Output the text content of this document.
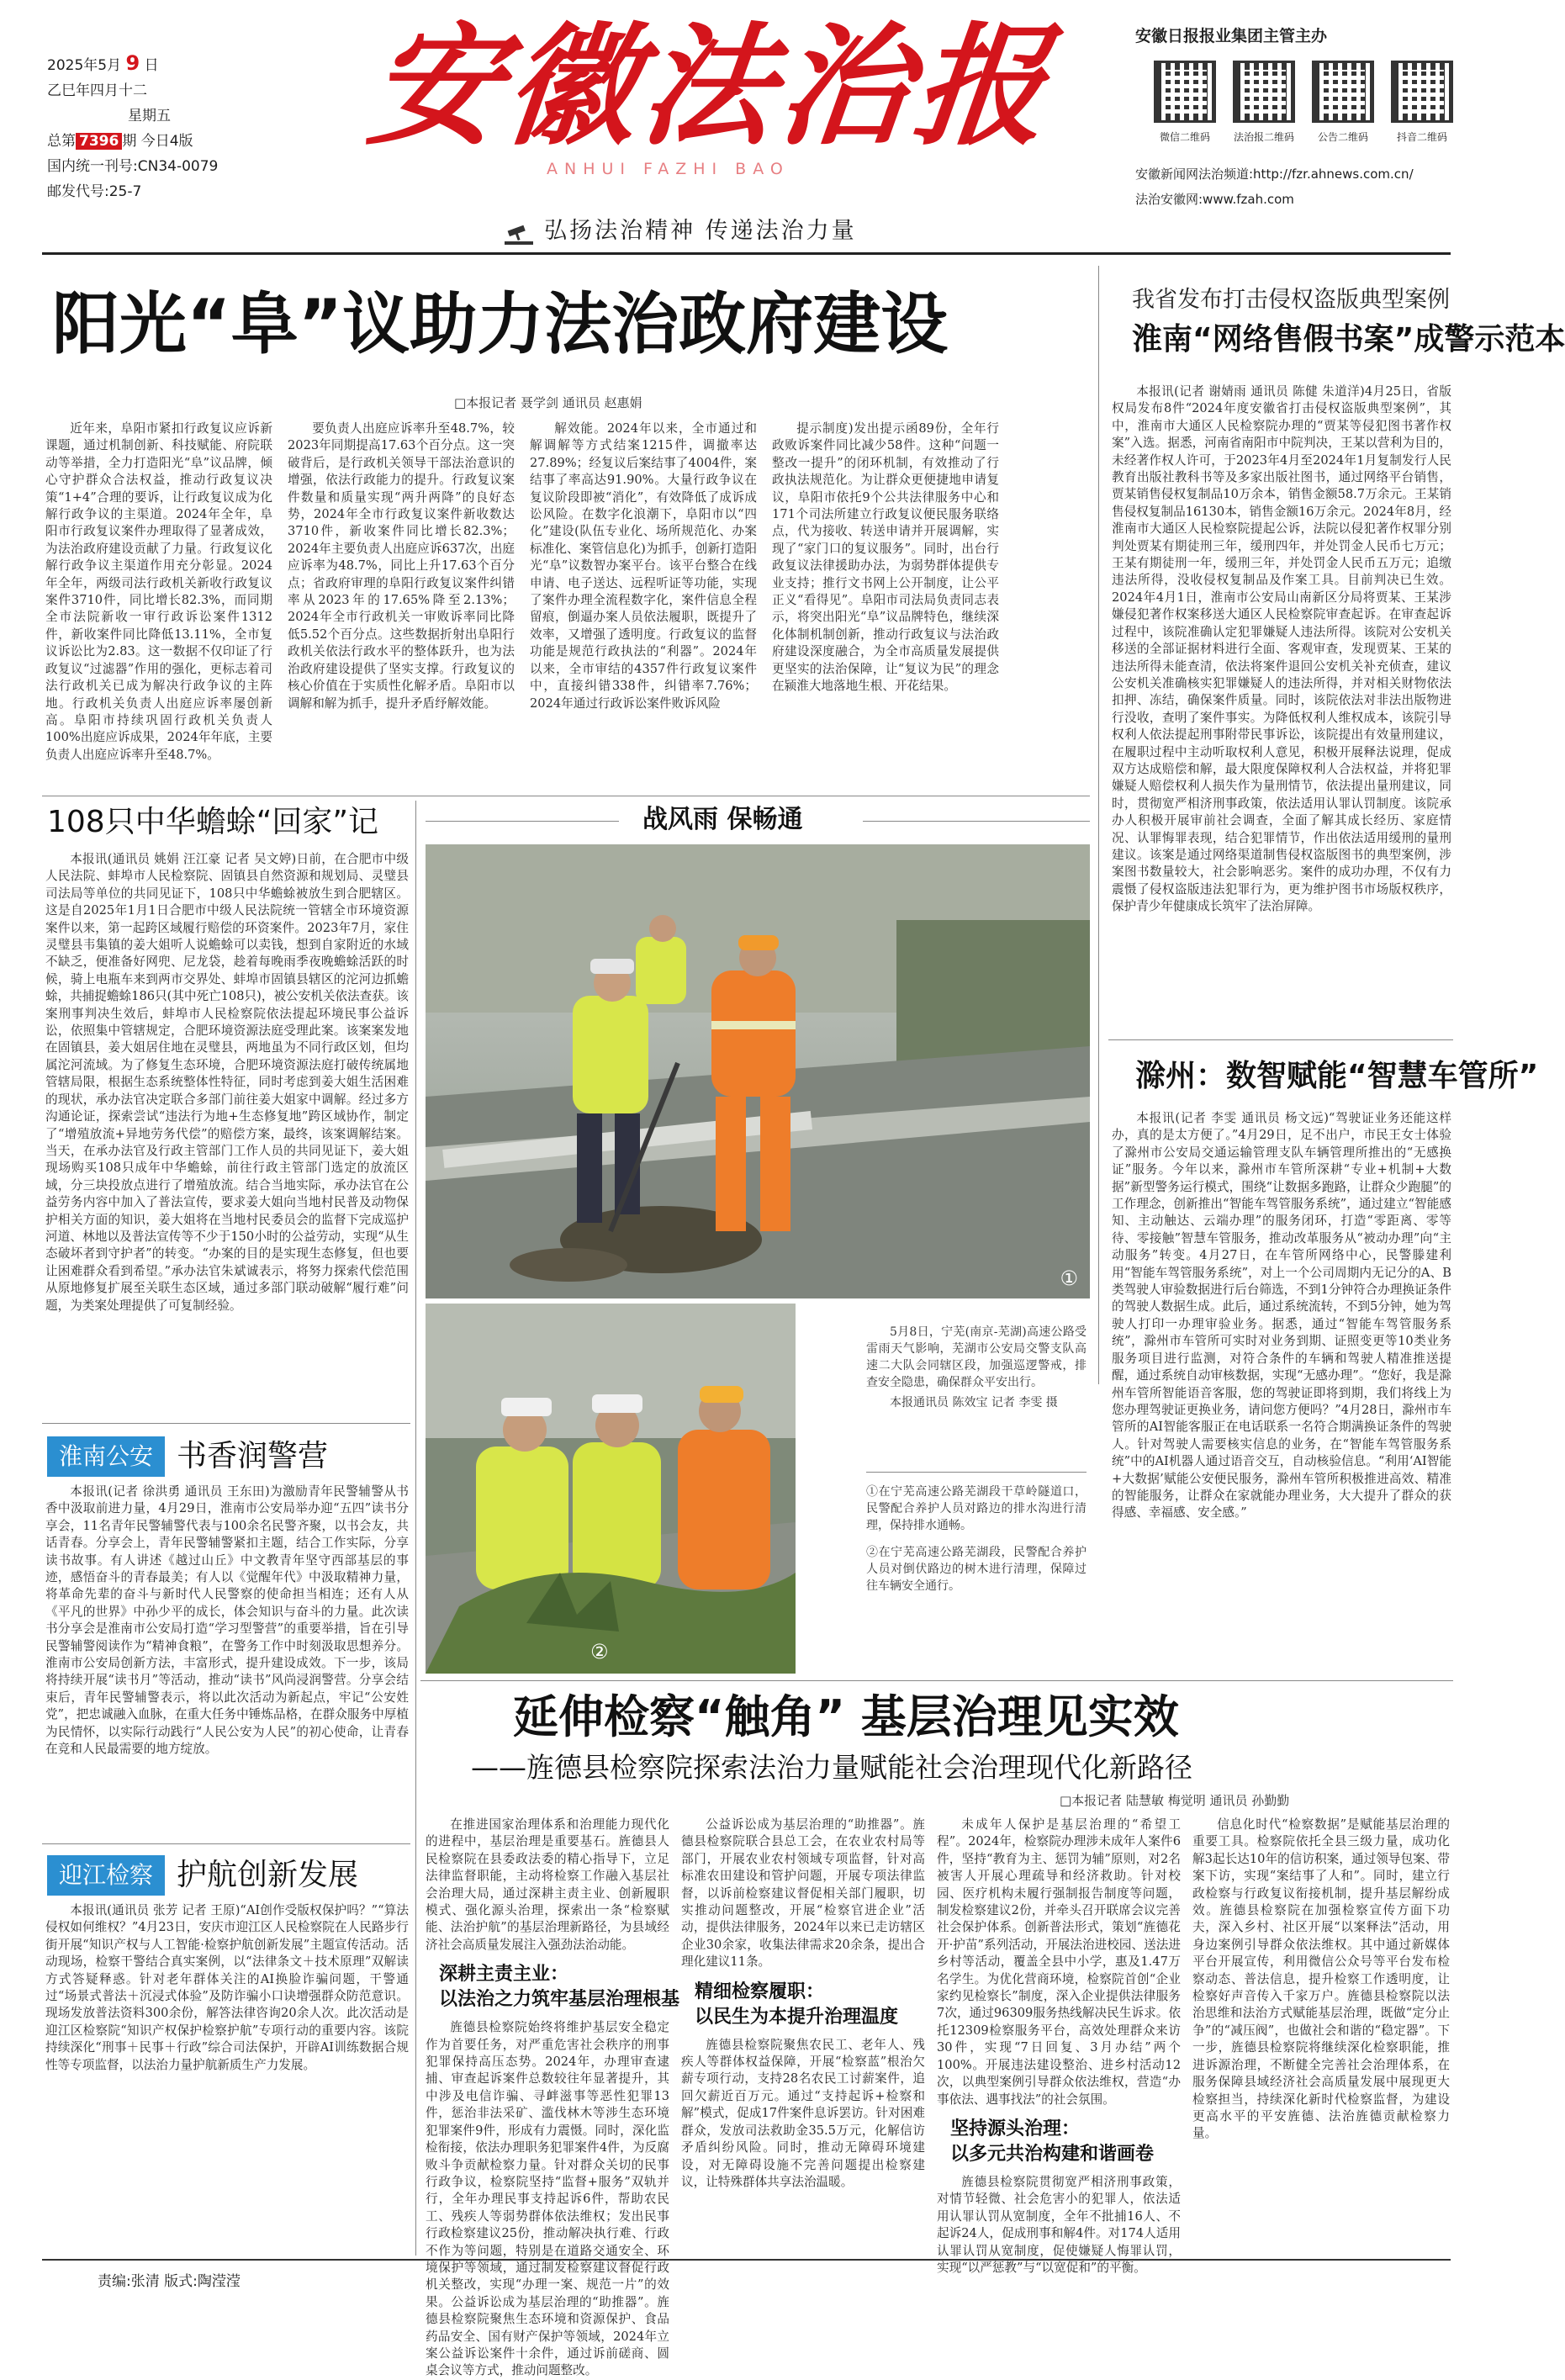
2025年5月 9 日
乙巳年四月十二
星期五
总第 7396 期 今日4版
国内统一刊号:CN34-0079
邮发代号:25-7
安徽法治报
ANHUI FAZHI BAO
弘扬法治精神 传递法治力量
安徽日报报业集团主管主办
微信二维码	法治报二维码	公告二维码	抖音二维码
安徽新闻网法治频道:http://fzr.ahnews.com.cn/
法治安徽网:www.fzah.com
阳光“阜”议助力法治政府建设
□本报记者 聂学剑 通讯员 赵惠娟

近年来，阜阳市紧扣行政复议应诉新课题，通过机制创新、科技赋能、府院联动等举措，全力打造阳光“阜”议品牌，倾心守护群众合法权益，推动行政复议决策“1+4”合理的要诉，让行政复议成为化解行政争议的主渠道。2024年全年，阜阳市行政复议案件办理取得了显著成效，为法治政府建设贡献了力量。行政复议化解行政争议主渠道作用充分彰显。2024年全年，两级司法行政机关新收行政复议案件3710件，同比增长82.3%，而同期全市法院新收一审行政诉讼案件1312件，新收案件同比降低13.11%，全市复议诉讼比为2.83。这一数据不仅印证了行政复议“过滤器”作用的强化，更标志着司法行政机关已成为解决行政争议的主阵地。行政机关负责人出庭应诉率屡创新高。阜阳市持续巩固行政机关负责人100%出庭应诉成果，2024年年底，主要负责人出庭应诉率升至48.7%。

要负责人出庭应诉率升至48.7%，较2023年同期提高17.63个百分点。这一突破背后，是行政机关领导干部法治意识的增强，依法行政能力的提升。行政复议案件数量和质量实现“两升两降”的良好态势，2024年全市行政复议案件新收数达3710件，新收案件同比增长82.3%；2024年主要负责人出庭应诉637次，出庭应诉率为48.7%，同比上升17.63个百分点；省政府审理的阜阳行政复议案件纠错率从2023年的17.65%降至2.13%；2024年全市行政机关一审败诉率同比降低5.52个百分点。这些数据折射出阜阳行政机关依法行政水平的整体跃升，也为法治政府建设提供了坚实支撑。行政复议的核心价值在于实质性化解矛盾。阜阳市以调解和解为抓手，提升矛盾纾解效能。

解效能。2024年以来，全市通过和解调解等方式结案1215件，调撤率达27.89%；经复议后案结事了4004件，案结事了率高达91.90%。大量行政争议在复议阶段即被“消化”，有效降低了成诉成讼风险。在数字化浪潮下，阜阳市以“四化”建设(队伍专业化、场所规范化、办案标准化、案管信息化)为抓手，创新打造阳光“阜”议数智办案平台。该平台整合在线申请、电子送达、远程听证等功能，实现了案件办理全流程数字化，案件信息全程留痕，倒逼办案人员依法履职，既提升了效率，又增强了透明度。行政复议的监督功能是规范行政执法的“利器”。2024年以来，全市审结的4357件行政复议案件中，直接纠错338件，纠错率7.76%；2024年通过行政诉讼案件败诉风险

提示制度)发出提示函89份，全年行政败诉案件同比减少58件。这种“问题一整改一提升”的闭环机制，有效推动了行政执法规范化。为让群众更便捷地申请复议，阜阳市依托9个公共法律服务中心和171个司法所建立行政复议便民服务联络点，代为接收、转送申请并开展调解，实现了“家门口的复议服务”。同时，出台行政复议法律援助办法，为弱势群体提供专业支持；推行文书网上公开制度，让公平正义“看得见”。阜阳市司法局负责同志表示，将突出阳光“阜”议品牌特色，继续深化体制机制创新，推动行政复议与法治政府建设深度融合，为全市高质量发展提供更坚实的法治保障，让“复议为民”的理念在颍淮大地落地生根、开花结果。

我省发布打击侵权盗版典型案例
淮南“网络售假书案”成警示范本

本报讯(记者 谢婧雨 通讯员 陈健 朱道洋)4月25日，省版权局发布8件“2024年度安徽省打击侵权盗版典型案例”，其中，淮南市大通区人民检察院办理的“贾某等侵犯图书著作权案”入选。据悉，河南省南阳市中院判决，王某以营利为目的，未经著作权人许可，于2023年4月至2024年1月复制发行人民教育出版社教科书等及多家出版社图书，通过网络平台销售，贾某销售侵权复制品10万余本，销售金额58.7万余元。王某销售侵权复制品16130本，销售金额16万余元。2024年8月，经淮南市大通区人民检察院提起公诉，法院以侵犯著作权罪分别判处贾某有期徒刑三年，缓刑四年，并处罚金人民币七万元；王某有期徒刑一年，缓刑三年，并处罚金人民币五万元；追缴违法所得，没收侵权复制品及作案工具。目前判决已生效。2024年4月1日，淮南市公安局山南新区分局将贾某、王某涉嫌侵犯著作权案移送大通区人民检察院审查起诉。在审查起诉过程中，该院准确认定犯罪嫌疑人违法所得。该院对公安机关移送的全部证据材料进行全面、客观审查，发现贾某、王某的违法所得未能查清，依法将案件退回公安机关补充侦查，建议公安机关准确核实犯罪嫌疑人的违法所得，并对相关财物依法扣押、冻结，确保案件质量。同时，该院依法对非法出版物进行没收，查明了案件事实。为降低权利人维权成本，该院引导权利人依法提起刑事附带民事诉讼，该院提出有效量刑建议，在履职过程中主动听取权利人意见，积极开展释法说理，促成双方达成赔偿和解，最大限度保障权利人合法权益，并将犯罪嫌疑人赔偿权利人损失作为量刑情节，依法提出量刑建议，同时，贯彻宽严相济刑事政策，依法适用认罪认罚制度。该院承办人积极开展审前社会调查，全面了解其成长经历、家庭情况、认罪悔罪表现，结合犯罪情节，作出依法适用缓刑的量刑建议。该案是通过网络渠道制售侵权盗版图书的典型案例，涉案图书数量较大，社会影响恶劣。案件的成功办理，不仅有力震慑了侵权盗版违法犯罪行为，更为维护图书市场版权秩序，保护青少年健康成长筑牢了法治屏障。

滁州：数智赋能“智慧车管所”

本报讯(记者 李雯 通讯员 杨文远)“驾驶证业务还能这样办，真的是太方便了。”4月29日，足不出户，市民王女士体验了滁州市公安局交通运输管理支队车辆管理所推出的“无感换证”服务。今年以来，滁州市车管所深耕“专业+机制+大数据”新型警务运行模式，围绕“让数据多跑路，让群众少跑腿”的工作理念，创新推出“智能车驾管服务系统”，通过建立“智能感知、主动触达、云端办理”的服务闭环，打造“零距离、零等待、零接触”智慧车管服务，推动改革服务从“被动办理”向“主动服务”转变。4月27日，在车管所网络中心，民警滕建利用“智能车驾管服务系统”，对上一个公司周期内无记分的A、B类驾驶人审验数据进行后台筛选，不到1分钟符合办理换证条件的驾驶人数据生成。此后，通过系统流转，不到5分钟，她为驾驶人打印一办理审验业务。据悉，通过“智能车驾管服务系统”，滁州市车管所可实时对业务到期、证照变更等10类业务服务项目进行监测，对符合条件的车辆和驾驶人精准推送提醒，通过系统自动审核数据，实现“无感办理”。“您好，我是滁州车管所智能语音客服，您的驾驶证即将到期，我们将线上为您办理驾驶证更换业务，请问您方便吗？”4月28日，滁州市车管所的AI智能客服正在电话联系一名符合期满换证条件的驾驶人。针对驾驶人需要核实信息的业务，在“智能车驾管服务系统”中的AI机器人通过语音交互，自动核验信息。“利用‘AI智能+大数据’赋能公安便民服务，滁州车管所积极推进高效、精准的智能服务，让群众在家就能办理业务，大大提升了群众的获得感、幸福感、安全感。”

108只中华蟾蜍“回家”记

本报讯(通讯员 姚娟 汪江豪 记者 吴文婷)日前，在合肥市中级人民法院、蚌埠市人民检察院、固镇县自然资源和规划局、灵璧县司法局等单位的共同见证下，108只中华蟾蜍被放生到合肥辖区。这是自2025年1月1日合肥市中级人民法院统一管辖全市环境资源案件以来，第一起跨区域履行赔偿的环资案件。2023年7月，家住灵璧县韦集镇的姜大姐听人说蟾蜍可以卖钱，想到自家附近的水域不缺乏，便准备好网兜、尼龙袋，趁着每晚雨季夜晚蟾蜍活跃的时候，骑上电瓶车来到两市交界处、蚌埠市固镇县辖区的沱河边抓蟾蜍，共捕捉蟾蜍186只(其中死亡108只)，被公安机关依法查获。该案刑事判决生效后，蚌埠市人民检察院依法提起环境民事公益诉讼，依照集中管辖规定，合肥环境资源法庭受理此案。该案案发地在固镇县，姜大姐居住地在灵璧县，两地虽为不同行政区划，但均属沱河流域。为了修复生态环境，合肥环境资源法庭打破传统属地管辖局限，根据生态系统整体性特征，同时考虑到姜大姐生活困难的现状，承办法官决定联合多部门前往姜大姐家中调解。经过多方沟通论证，探索尝试“违法行为地+生态修复地”跨区域协作，制定了“增殖放流+异地劳务代偿”的赔偿方案，最终，该案调解结案。当天，在承办法官及行政主管部门工作人员的共同见证下，姜大姐现场购买108只成年中华蟾蜍，前往行政主管部门选定的放流区域，分三块投放点进行了增殖放流。结合当地实际，承办法官在公益劳务内容中加入了普法宣传，要求姜大姐向当地村民普及动物保护相关方面的知识，姜大姐将在当地村民委员会的监督下完成巡护河道、林地以及普法宣传等不少于150小时的公益劳动，实现“从生态破坏者到守护者”的转变。“办案的目的是实现生态修复，但也要让困难群众看到希望。”承办法官朱斌诚表示，将努力探索代偿范围从原地修复扩展至关联生态区域，通过多部门联动破解“履行难”问题，为类案处理提供了可复制经验。

淮南公安 书香润警营

本报讯(记者 徐洪勇 通讯员 王东田)为激励青年民警辅警从书香中汲取前进力量，4月29日，淮南市公安局举办迎“五四”读书分享会，11名青年民警辅警代表与100余名民警齐聚，以书会友，共话青春。分享会上，青年民警辅警紧扣主题，结合工作实际，分享读书故事。有人讲述《越过山丘》中文教青年坚守西部基层的事迹，感悟奋斗的青春最美；有人以《觉醒年代》中汲取精神力量，将革命先辈的奋斗与新时代人民警察的使命担当相连；还有人从《平凡的世界》中孙少平的成长，体会知识与奋斗的力量。此次读书分享会是淮南市公安局打造“学习型警营”的重要举措，旨在引导民警辅警阅读作为“精神食粮”，在警务工作中时刻汲取思想养分。淮南市公安局创新方法，丰富形式，提升建设成效。下一步，该局将持续开展“读书月”等活动，推动“读书”风尚浸润警营。分享会结束后，青年民警辅警表示，将以此次活动为新起点，牢记“公安姓党”，把忠诚融入血脉，在重大任务中锤炼品格，在群众服务中厚植为民情怀，以实际行动践行“人民公安为人民”的初心使命，让青春在竞和人民最需要的地方绽放。

迎江检察 护航创新发展

本报讯(通讯员 张芳 记者 王原)“AI创作受版权保护吗？”“算法侵权如何维权？”4月23日，安庆市迎江区人民检察院在人民路步行街开展“知识产权与人工智能·检察护航创新发展”主题宣传活动。活动现场，检察干警结合真实案例，以“法律条文＋技术原理”双解读方式答疑释惑。针对老年群体关注的AI换脸诈骗问题，干警通过“场景式普法＋沉浸式体验”及防诈骗小口诀增强群众防范意识。现场发放普法资料300余份，解答法律咨询20余人次。此次活动是迎江区检察院“知识产权保护检察护航”专项行动的重要内容。该院持续深化“刑事＋民事＋行政”综合司法保护，开辟AI训练数据合规性等专项监督，以法治力量护航新质生产力发展。

责编:张清 版式:陶滢滢
战风雨 保畅通
①
②
5月8日，宁芜(南京-芜湖)高速公路受雷雨天气影响，芜湖市公安局交警支队高速二大队会同辖区段，加强巡逻警戒，排查安全隐患，确保群众平安出行。
本报通讯员 陈效宝 记者 李雯 摄
①在宁芜高速公路芜湖段干草岭隧道口，民警配合养护人员对路边的排水沟进行清理，保持排水通畅。
②在宁芜高速公路芜湖段，民警配合养护人员对倒伏路边的树木进行清理，保障过往车辆安全通行。
延伸检察“触角” 基层治理见实效
——旌德县检察院探索法治力量赋能社会治理现代化新路径
□本报记者 陆慧敏 梅觉明 通讯员 孙勤勤

在推进国家治理体系和治理能力现代化的进程中，基层治理是重要基石。旌德县人民检察院在县委政法委的精心指导下，立足法律监督职能，主动将检察工作融入基层社会治理大局，通过深耕主责主业、创新履职模式、强化源头治理，探索出一条“检察赋能、法治护航”的基层治理新路径，为县域经济社会高质量发展注入强劲法治动能。

深耕主责主业：
以法治之力筑牢基层治理根基

旌德县检察院始终将维护基层安全稳定作为首要任务，对严重危害社会秩序的刑事犯罪保持高压态势。2024年，办理审查逮捕、审查起诉案件总数较往年显著提升，其中涉及电信诈骗、寻衅滋事等恶性犯罪13件，惩治非法采矿、滥伐林木等涉生态环境犯罪案件9件，形成有力震慑。同时，深化监检衔接，依法办理职务犯罪案件4件，为反腐败斗争贡献检察力量。针对群众关切的民事行政争议，检察院坚持“监督+服务”双轨并行，全年办理民事支持起诉6件，帮助农民工、残疾人等弱势群体依法维权；发出民事行政检察建议25份，推动解决执行难、行政不作为等问题，特别是在道路交通安全、环境保护等领域，通过制发检察建议督促行政机关整改，实现“办理一案、规范一片”的效果。公益诉讼成为基层治理的“助推器”。旌德县检察院聚焦生态环境和资源保护、食品药品安全、国有财产保护等领域，2024年立案公益诉讼案件十余件，通过诉前磋商、圆桌会议等方式，推动问题整改。

公益诉讼成为基层治理的“助推器”。旌德县检察院联合县总工会，在农业农村局等部门，开展农业农村领域专项监督，针对高标准农田建设和管护问题，开展专项法律监督，以诉前检察建议督促相关部门履职，切实推动问题整改，开展“检察官进企业”活动，提供法律服务，2024年以来已走访辖区企业30余家，收集法律需求20余条，提出合理化建议11条。

精细检察履职：
以民生为本提升治理温度

旌德县检察院聚焦农民工、老年人、残疾人等群体权益保障，开展“检察蓝”根治欠薪专项行动，支持28名农民工讨薪案件，追回欠薪近百万元。通过“支持起诉+检察和解”模式，促成17件案件息诉罢访。针对困难群众，发放司法救助金35.5万元，化解信访矛盾纠纷风险。同时，推动无障碍环境建设，对无障碍设施不完善问题提出检察建议，让特殊群体共享法治温暖。

未成年人保护是基层治理的“希望工程”。2024年，检察院办理涉未成年人案件6件，坚持“教育为主、惩罚为辅”原则，对2名被害人开展心理疏导和经济救助。针对校园、医疗机构未履行强制报告制度等问题，制发检察建议2份，并牵头召开联席会议完善社会保护体系。创新普法形式，策划“旌德花开·护苗”系列活动，开展法治进校园、送法进乡村等活动，覆盖全县中小学，惠及1.47万名学生。为优化营商环境，检察院首创“企业家约见检察长”制度，深入企业提供法律服务7次，通过96309服务热线解决民生诉求。依托12309检察服务平台，高效处理群众来访30件，实现“7日回复、3月办结”两个100%。开展违法建设整治、进乡村活动12次，以典型案例引导群众依法维权，营造“办事依法、遇事找法”的社会氛围。

坚持源头治理：
以多元共治构建和谐画卷

旌德县检察院贯彻宽严相济刑事政策，对情节轻微、社会危害小的犯罪人，依法适用认罪认罚从宽制度，全年不批捕16人、不起诉24人，促成刑事和解4件。对174人适用认罪认罚从宽制度，促使嫌疑人悔罪认罚，实现“以严惩教”与“以宽促和”的平衡。

信息化时代“检察数据”是赋能基层治理的重要工具。检察院依托全县三级力量，成功化解3起长达10年的信访积案，通过领导包案、带案下访，实现“案结事了人和”。同时，建立行政检察与行政复议衔接机制，提升基层解纷成效。旌德县检察院在加强检察宣传方面下功夫，深入乡村、社区开展“以案释法”活动，用身边案例引导群众依法维权。其中通过新媒体平台开展宣传，利用微信公众号等平台发布检察动态、普法信息，提升检察工作透明度，让检察好声音传入千家万户。旌德县检察院以法治思维和法治方式赋能基层治理，既做“定分止争”的“减压阀”，也做社会和谐的“稳定器”。下一步，旌德县检察院将继续深化检察职能，推进诉源治理，不断健全完善社会治理体系，在服务保障县域经济社会高质量发展中展现更大检察担当，持续深化新时代检察监督，为建设更高水平的平安旌德、法治旌德贡献检察力量。
